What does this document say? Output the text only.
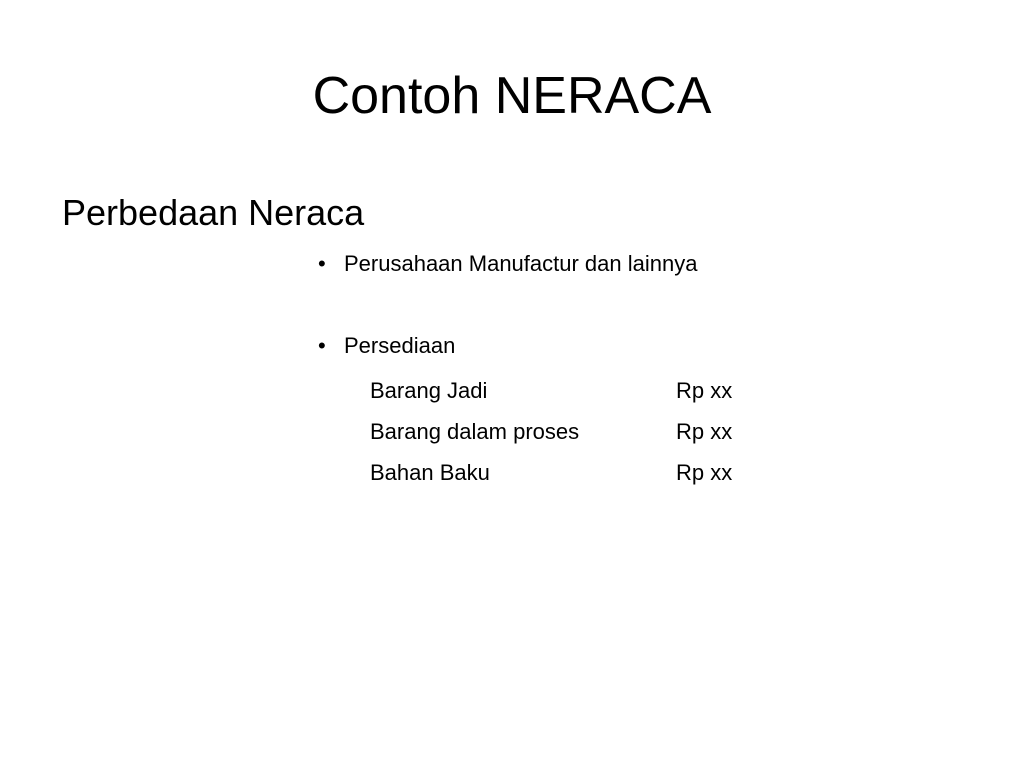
Contoh NERACA
Perbedaan Neraca
• Perusahaan Manufactur dan lainnya
• Persediaan
Barang Jadi	Rp xx
Barang dalam proses	Rp xx
Bahan Baku	Rp xx
